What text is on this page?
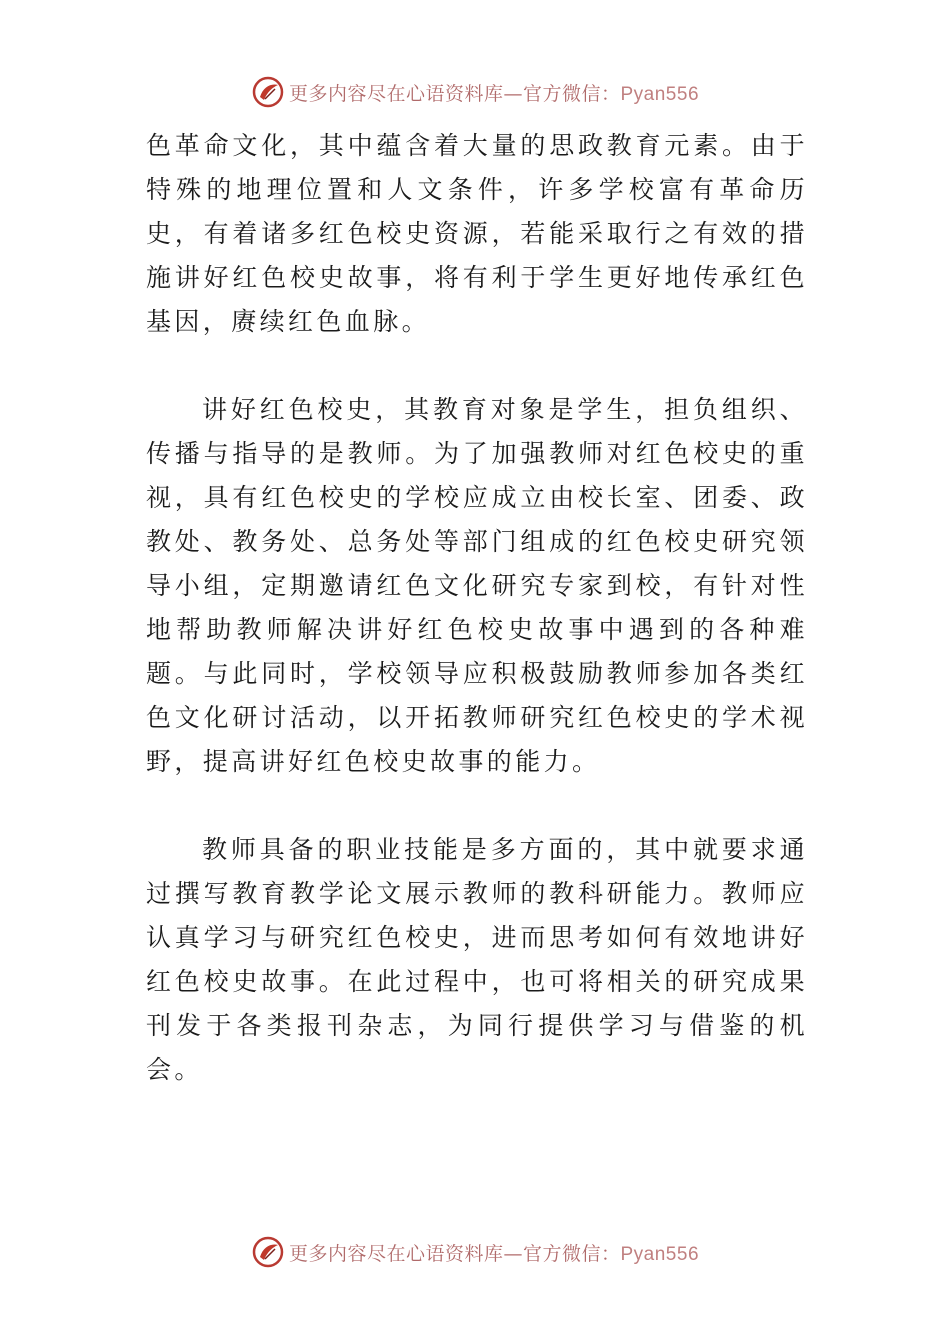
更多内容尽在心语资料库—官方微信：Pyan556

色革命文化，其中蕴含着大量的思政教育元素。由于特殊的地理位置和人文条件，许多学校富有革命历史，有着诸多红色校史资源，若能采取行之有效的措施讲好红色校史故事，将有利于学生更好地传承红色基因，赓续红色血脉。

讲好红色校史，其教育对象是学生，担负组织、传播与指导的是教师。为了加强教师对红色校史的重视，具有红色校史的学校应成立由校长室、团委、政教处、教务处、总务处等部门组成的红色校史研究领导小组，定期邀请红色文化研究专家到校，有针对性地帮助教师解决讲好红色校史故事中遇到的各种难题。与此同时，学校领导应积极鼓励教师参加各类红色文化研讨活动，以开拓教师研究红色校史的学术视野，提高讲好红色校史故事的能力。

教师具备的职业技能是多方面的，其中就要求通过撰写教育教学论文展示教师的教科研能力。教师应认真学习与研究红色校史，进而思考如何有效地讲好红色校史故事。在此过程中，也可将相关的研究成果刊发于各类报刊杂志，为同行提供学习与借鉴的机会。

更多内容尽在心语资料库—官方微信：Pyan556
